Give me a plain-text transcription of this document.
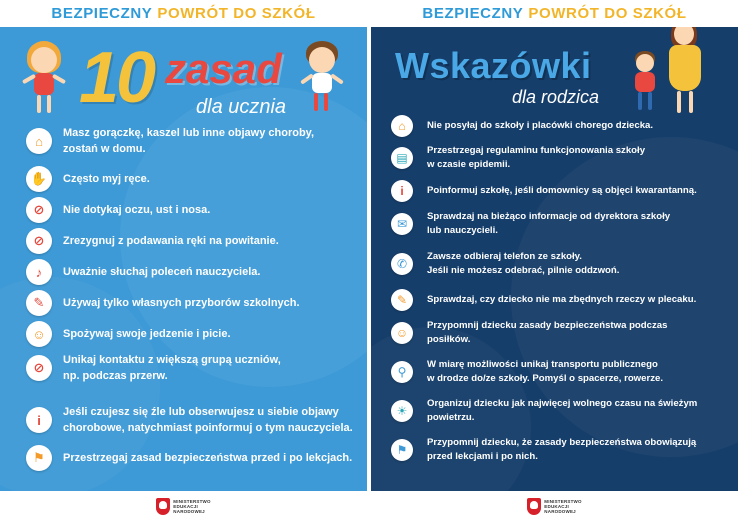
BEZPIECZNY POWRÓT DO SZKÓŁ
10 zasad
dla ucznia
⌂
Masz gorączkę, kaszel lub inne objawy choroby,
zostań w domu.
✋	Często myj ręce.
⊘	Nie dotykaj oczu, ust i nosa.
⊘	Zrezygnuj z podawania ręki na powitanie.
♪	Uważnie słuchaj poleceń nauczyciela.
✎	Używaj tylko własnych przyborów szkolnych.
☺	Spożywaj swoje jedzenie i picie.
⊘	Unikaj kontaktu z większą grupą uczniów,
np. podczas przerw.
i
Jeśli czujesz się źle lub obserwujesz u siebie objawy
chorobowe, natychmiast poinformuj o tym nauczyciela.
⚑	Przestrzegaj zasad bezpieczeństwa przed i po lekcjach.
MINISTERSTWO
EDUKACJI
NARODOWEJ
BEZPIECZNY POWRÓT DO SZKÓŁ
Wskazówki
dla rodzica
⌂	Nie posyłaj do szkoły i placówki chorego dziecka.
▤
Przestrzegaj regulaminu funkcjonowania szkoły
w czasie epidemii.
i	Poinformuj szkołę, jeśli domownicy są objęci kwarantanną.
✉
Sprawdzaj na bieżąco informacje od dyrektora szkoły
lub nauczycieli.
✆
Zawsze odbieraj telefon ze szkoły.
Jeśli nie możesz odebrać, pilnie oddzwoń.
✎	Sprawdzaj, czy dziecko nie ma zbędnych rzeczy w plecaku.
☺
Przypomnij dziecku zasady bezpieczeństwa podczas
posiłków.
⚲
W miarę możliwości unikaj transportu publicznego
w drodze do/ze szkoły. Pomyśl o spacerze, rowerze.
☀
Organizuj dziecku jak najwięcej wolnego czasu na świeżym
powietrzu.
⚑
Przypomnij dziecku, że zasady bezpieczeństwa obowiązują
przed lekcjami i po nich.
MINISTERSTWO
EDUKACJI
NARODOWEJ
